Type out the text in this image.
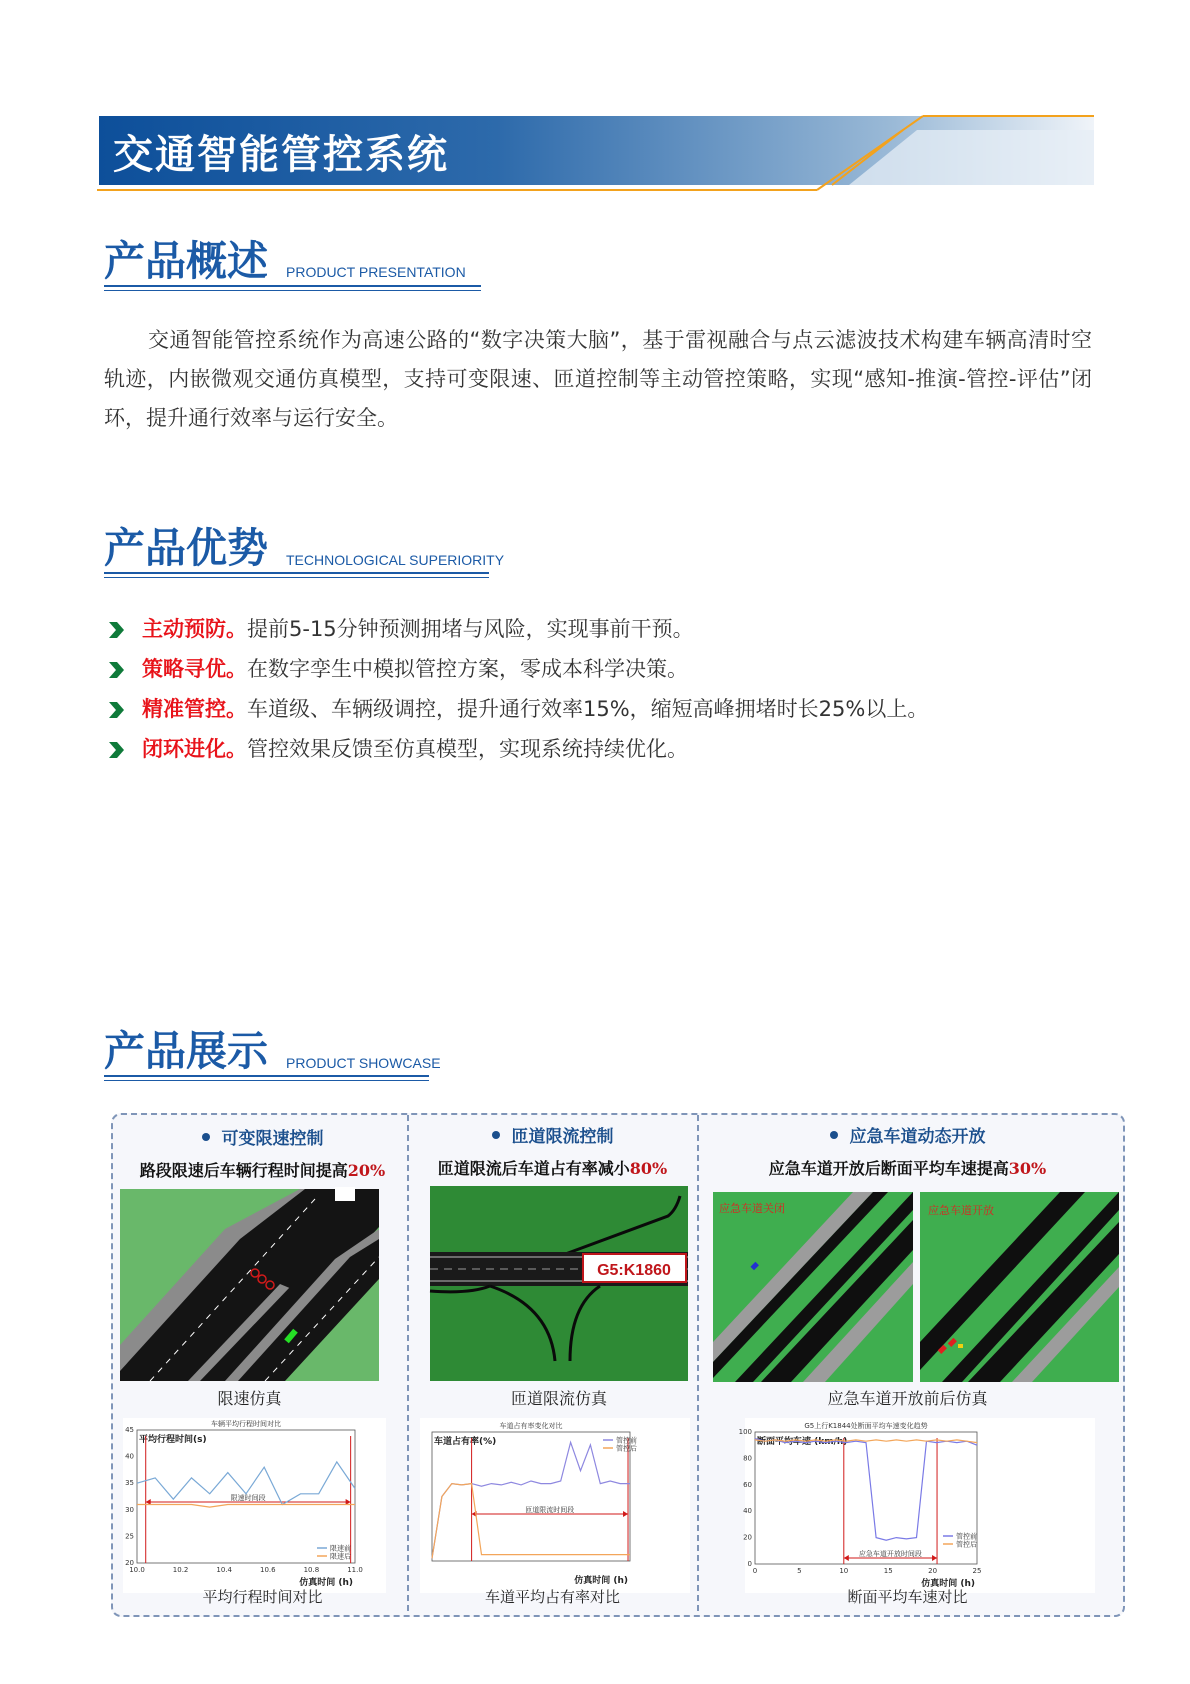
交通智能管控系统
产品概述 PRODUCT PRESENTATION

交通智能管控系统作为高速公路的“数字决策大脑”，基于雷视融合与点云滤波技术构建车辆高清时空轨迹，内嵌微观交通仿真模型，支持可变限速、匝道控制等主动管控策略，实现“感知-推演-管控-评估”闭环，提升通行效率与运行安全。

产品优势 TECHNOLOGICAL SUPERIORITY
主动预防。提前5-15分钟预测拥堵与风险，实现事前干预。
策略寻优。在数字孪生中模拟管控方案，零成本科学决策。
精准管控。车道级、车辆级调控，提升通行效率15%，缩短高峰拥堵时长25%以上。
闭环进化。管控效果反馈至仿真模型，实现系统持续优化。
产品展示 PRODUCT SHOWCASE
可变限速控制
路段限速后车辆行程时间提高20%
限速仿真
车辆平均行程时间对比
平均行程时间(s)
仿真时间 (h)
20
25
30
35
40
45
10.0	10.2	10.4	10.6	10.8	11.0
限速时间段
限速前
限速后
平均行程时间对比
匝道限流控制
匝道限流后车道占有率减小80%
G5:K1860
匝道限流仿真
车道占有率变化对比
车道占有率(%)
仿真时间 (h)
匝道限流时间段
管控前
管控后
车道平均占有率对比
应急车道动态开放
应急车道开放后断面平均车速提高30%
应急车道关闭	应急车道开放
应急车道开放前后仿真
G5上行K1844处断面平均车速变化趋势
断面平均车速 (km/h)
仿真时间 (h)
0
20
40
60
80
100
0	5	10	15	20	25
应急车道开放时间段
管控前
管控后
断面平均车速对比
